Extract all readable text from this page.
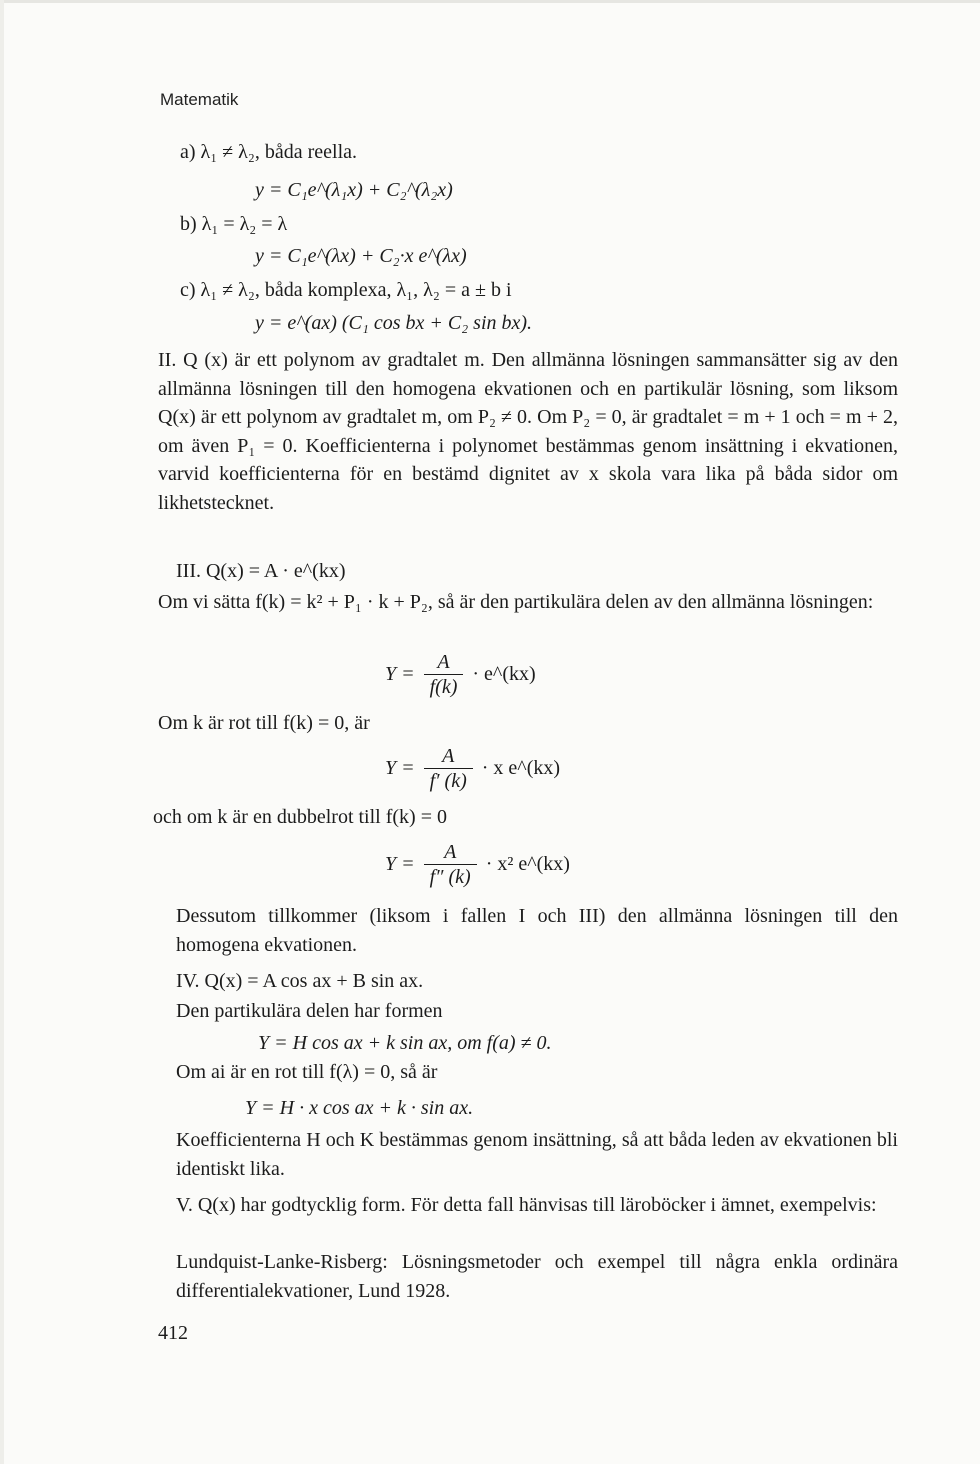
Matematik
a) λ₁ ≠ λ₂, båda reella.
y = C₁e^(λ₁x) + C₂^(λ₂x)
b) λ₁ = λ₂ = λ
y = C₁e^(λx) + C₂·x e^(λx)
c) λ₁ ≠ λ₂, båda komplexa, λ₁, λ₂ = a ± b i
y = e^(ax) (C₁ cos bx + C₂ sin bx).
II. Q (x) är ett polynom av gradtalet m. Den allmänna lösningen sammansätter sig av den allmänna lösningen till den homogena ekvationen och en partikulär lösning, som liksom Q(x) är ett polynom av gradtalet m, om P₂ ≠ 0. Om P₂ = 0, är gradtalet = m + 1 och = m + 2, om även P₁ = 0. Koefficienterna i polynomet bestämmas genom insättning i ekvationen, varvid koefficienterna för en bestämd dignitet av x skola vara lika på båda sidor om likhetstecknet.
III. Q(x) = A · e^(kx)
Om vi sätta f(k) = k² + P₁ · k + P₂, så är den partikulära delen av den allmänna lösningen:
$Y = \frac{A}{f(k)}$ · e^(kx)
Om k är rot till f(k) = 0, är
$Y = \frac{A}{f' (k)} \cdot x$ e^(kx)
och om k är en dubbelrot till f(k) = 0
$Y = \frac{A}{f'' (k)} \cdot x^2$ e^(kx)
Dessutom tillkommer (liksom i fallen I och III) den allmänna lösningen till den homogena ekvationen.
IV. Q(x) = A cos ax + B sin ax.
Den partikulära delen har formen
Y = H cos ax + k sin ax, om f(a) ≠ 0.
Om ai är en rot till f(λ) = 0, så är
Y = H · x cos ax + k · sin ax.
Koefficienterna H och K bestämmas genom insättning, så att båda leden av ekvationen bli identiskt lika.
V. Q(x) har godtycklig form. För detta fall hänvisas till läroböcker i ämnet, exempelvis:
Lundquist-Lanke-Risberg: Lösningsmetoder och exempel till några enkla ordinära differentialekvationer, Lund 1928.
412
